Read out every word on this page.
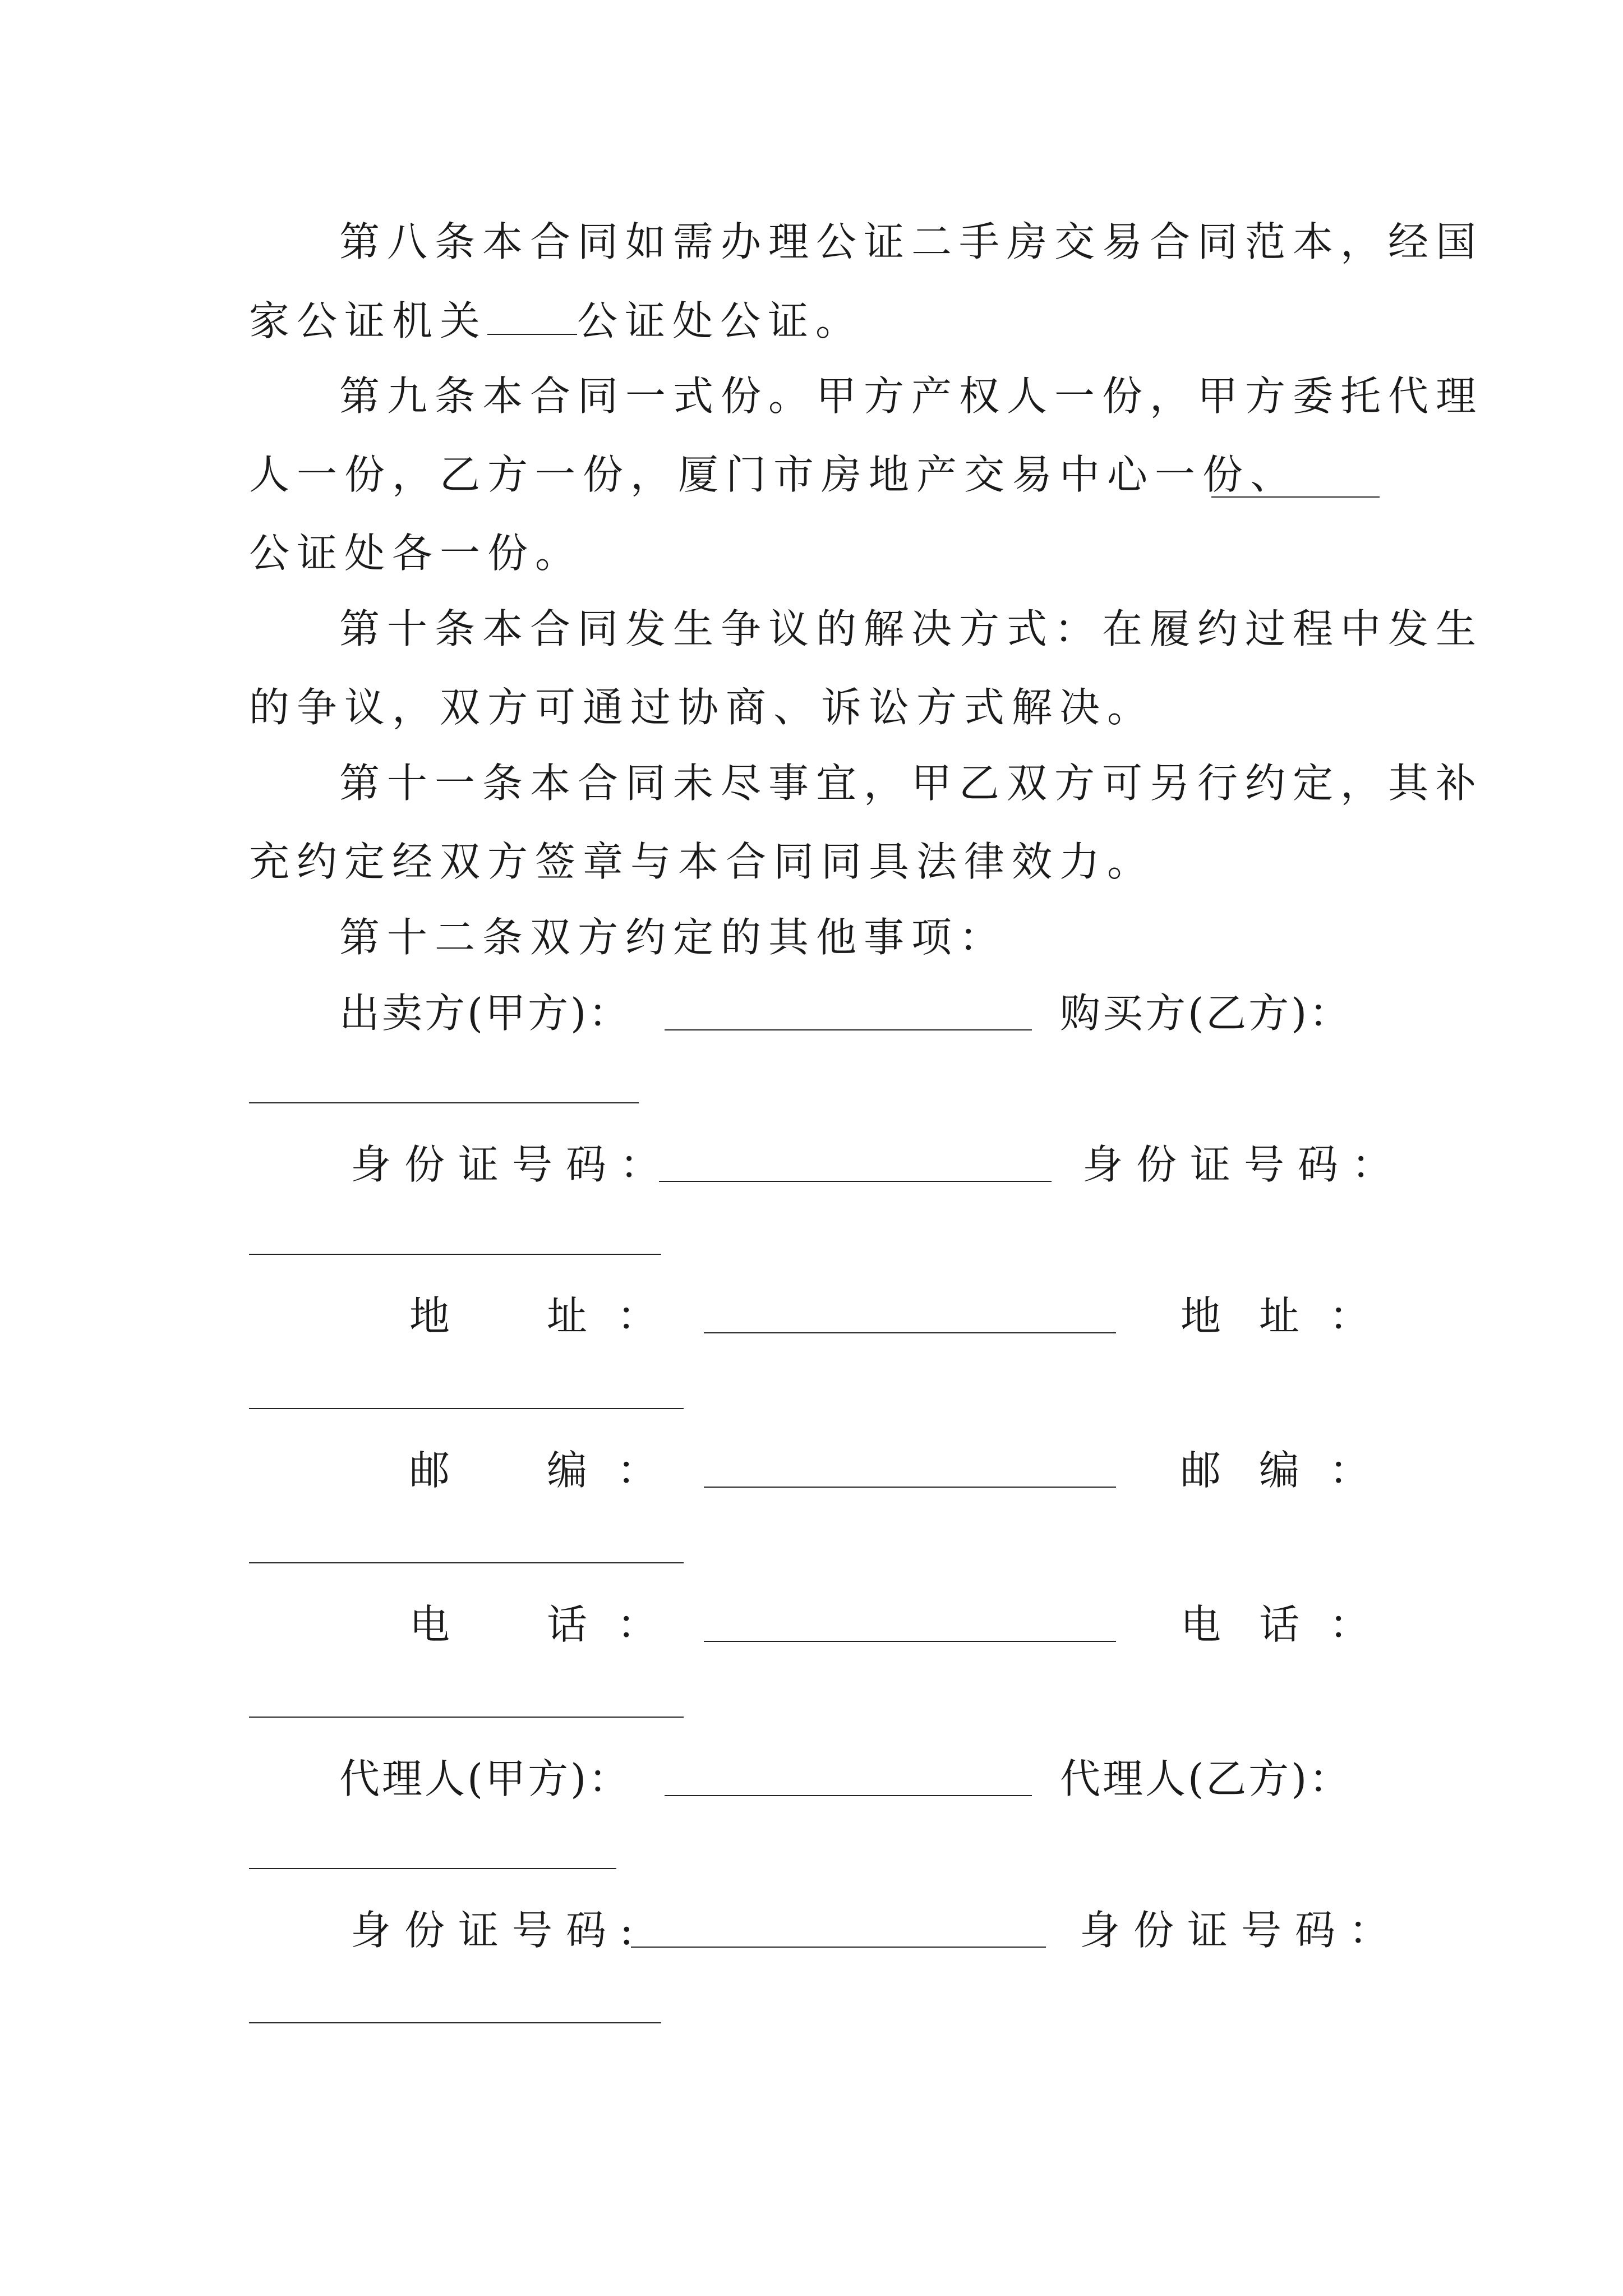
第八条本合同如需办理公证二手房交易合同范本，经国
家公证机关 公证处公证。
第九条本合同一式份。甲方产权人一份，甲方委托代理
人一份，乙方一份，厦门市房地产交易中心一份、
公证处各一份。
第十条本合同发生争议的解决方式：在履约过程中发生
的争议，双方可通过协商、诉讼方式解决。
第十一条本合同未尽事宜，甲乙双方可另行约定，其补
充约定经双方签章与本合同同具法律效力。
第十二条双方约定的其他事项：
出卖方(甲方)：	购买方(乙方)：
身份证号码：	身份证号码：
地 址 ：	地 址 ：
邮 编 ：	邮 编 ：
电 话 ：	电 话 ：
代理人(甲方)：	代理人(乙方)：
身份证号码:	身份证号码：
